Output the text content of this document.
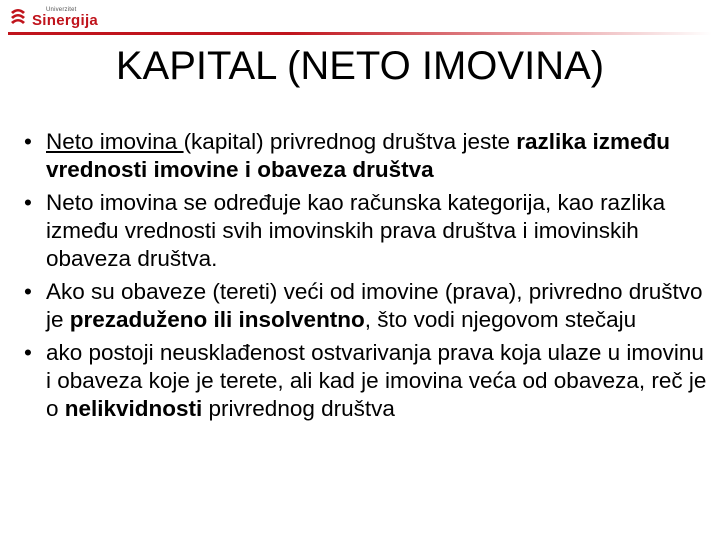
Univerzitet
Sinergija
KAPITAL (NETO IMOVINA)
• Neto imovina (kapital) privrednog društva jeste razlika između vrednosti imovine i obaveza društva
• Neto imovina se određuje kao računska kategorija, kao razlika između vrednosti svih imovinskih prava društva i imovinskih obaveza društva.
• Ako su obaveze (tereti) veći od imovine (prava), privredno društvo je prezaduženo ili insolventno, što vodi njegovom stečaju
• ako postoji neusklađenost ostvarivanja prava koja ulaze u imovinu i obaveza koje je terete, ali kad je imovina veća od obaveza, reč je o nelikvidnosti privrednog društva
